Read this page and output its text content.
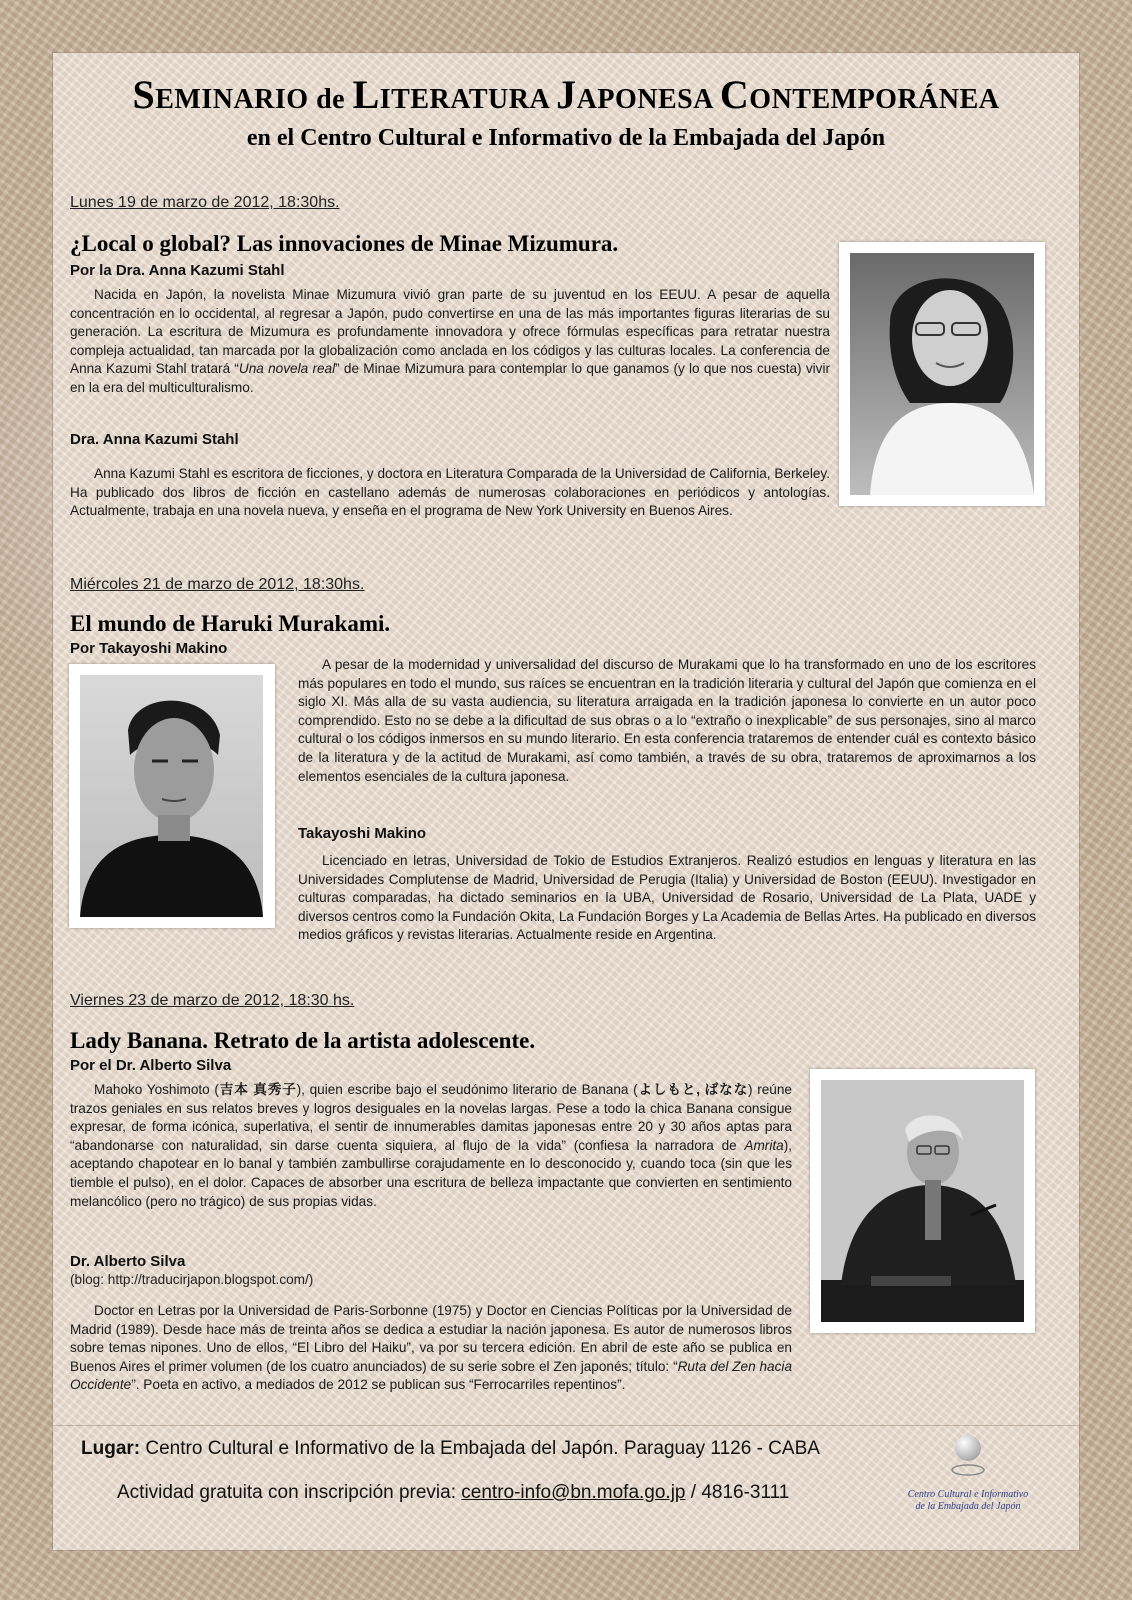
SEMINARIO de LITERATURA JAPONESA CONTEMPORÁNEA
en el Centro Cultural e Informativo de la Embajada del Japón
Lunes 19 de marzo de 2012, 18:30hs.
¿Local o global? Las innovaciones de Minae Mizumura.
Por la Dra. Anna Kazumi Stahl
Nacida en Japón, la novelista Minae Mizumura vivió gran parte de su juventud en los EEUU. A pesar de aquella concentración en lo occidental, al regresar a Japón, pudo convertirse en una de las más importantes figuras literarias de su generación. La escritura de Mizumura es profundamente innovadora y ofrece fórmulas específicas para retratar nuestra compleja actualidad, tan marcada por la globalización como anclada en los códigos y las culturas locales. La conferencia de Anna Kazumi Stahl tratará “Una novela real” de Minae Mizumura para contemplar lo que ganamos (y lo que nos cuesta) vivir en la era del multiculturalismo.
Dra. Anna Kazumi Stahl
Anna Kazumi Stahl es escritora de ficciones, y doctora en Literatura Comparada de la Universidad de California, Berkeley. Ha publicado dos libros de ficción en castellano además de numerosas colaboraciones en periódicos y antologías. Actualmente, trabaja en una novela nueva, y enseña en el programa de New York University en Buenos Aires.
Miércoles 21 de marzo de 2012, 18:30hs.
El mundo de Haruki Murakami.
Por Takayoshi Makino
A pesar de la modernidad y universalidad del discurso de Murakami que lo ha transformado en uno de los escritores más populares en todo el mundo, sus raíces se encuentran en la tradición literaria y cultural del Japón que comienza en el siglo XI. Más alla de su vasta audiencia, su literatura arraigada en la tradición japonesa lo convierte en un autor poco comprendido. Esto no se debe a la dificultad de sus obras o a lo “extraño o inexplicable” de sus personajes, sino al marco cultural o los códigos inmersos en su mundo literario. En esta conferencia trataremos de entender cuál es contexto básico de la literatura y de la actitud de Murakami, así como también, a través de su obra, trataremos de aproximarnos a los elementos esenciales de la cultura japonesa.
Takayoshi Makino
Licenciado en letras, Universidad de Tokio de Estudios Extranjeros. Realizó estudios en lenguas y literatura en las Universidades Complutense de Madrid, Universidad de Perugia (Italia) y Universidad de Boston (EEUU). Investigador en culturas comparadas, ha dictado seminarios en la UBA, Universidad de Rosario, Universidad de La Plata, UADE y diversos centros como la Fundación Okita, La Fundación Borges y La Academia de Bellas Artes. Ha publicado en diversos medios gráficos y revistas literarias. Actualmente reside en Argentina.
Viernes 23 de marzo de 2012, 18:30 hs.
Lady Banana. Retrato de la artista adolescente.
Por el Dr. Alberto Silva
Mahoko Yoshimoto (吉本 真秀子), quien escribe bajo el seudónimo literario de Banana (よしもと, ばなな) reúne trazos geniales en sus relatos breves y logros desiguales en la novelas largas. Pese a todo la chica Banana consigue expresar, de forma icónica, superlativa, el sentir de innumerables damitas japonesas entre 20 y 30 años aptas para “abandonarse con naturalidad, sin darse cuenta siquiera, al flujo de la vida” (confiesa la narradora de Amrita), aceptando chapotear en lo banal y también zambullirse corajudamente en lo desconocido y, cuando toca (sin que les tiemble el pulso), en el dolor. Capaces de absorber una escritura de belleza impactante que convierten en sentimiento melancólico (pero no trágico) de sus propias vidas.
Dr. Alberto Silva
(blog: http://traducirjapon.blogspot.com/)
Doctor en Letras por la Universidad de Paris-Sorbonne (1975) y Doctor en Ciencias Políticas por la Universidad de Madrid (1989). Desde hace más de treinta años se dedica a estudiar la nación japonesa. Es autor de numerosos libros sobre temas nipones. Uno de ellos, “El Libro del Haiku”, va por su tercera edición. En abril de este año se publica en Buenos Aires el primer volumen (de los cuatro anunciados) de su serie sobre el Zen japonés; título: “Ruta del Zen hacia Occidente”. Poeta en activo, a mediados de 2012 se publican sus “Ferrocarriles repentinos”.
Lugar: Centro Cultural e Informativo de la Embajada del Japón. Paraguay 1126 - CABA
Actividad gratuita con inscripción previa: centro-info@bn.mofa.go.jp / 4816-3111	Centro Cultural e Informativo
de la Embajada del Japón
